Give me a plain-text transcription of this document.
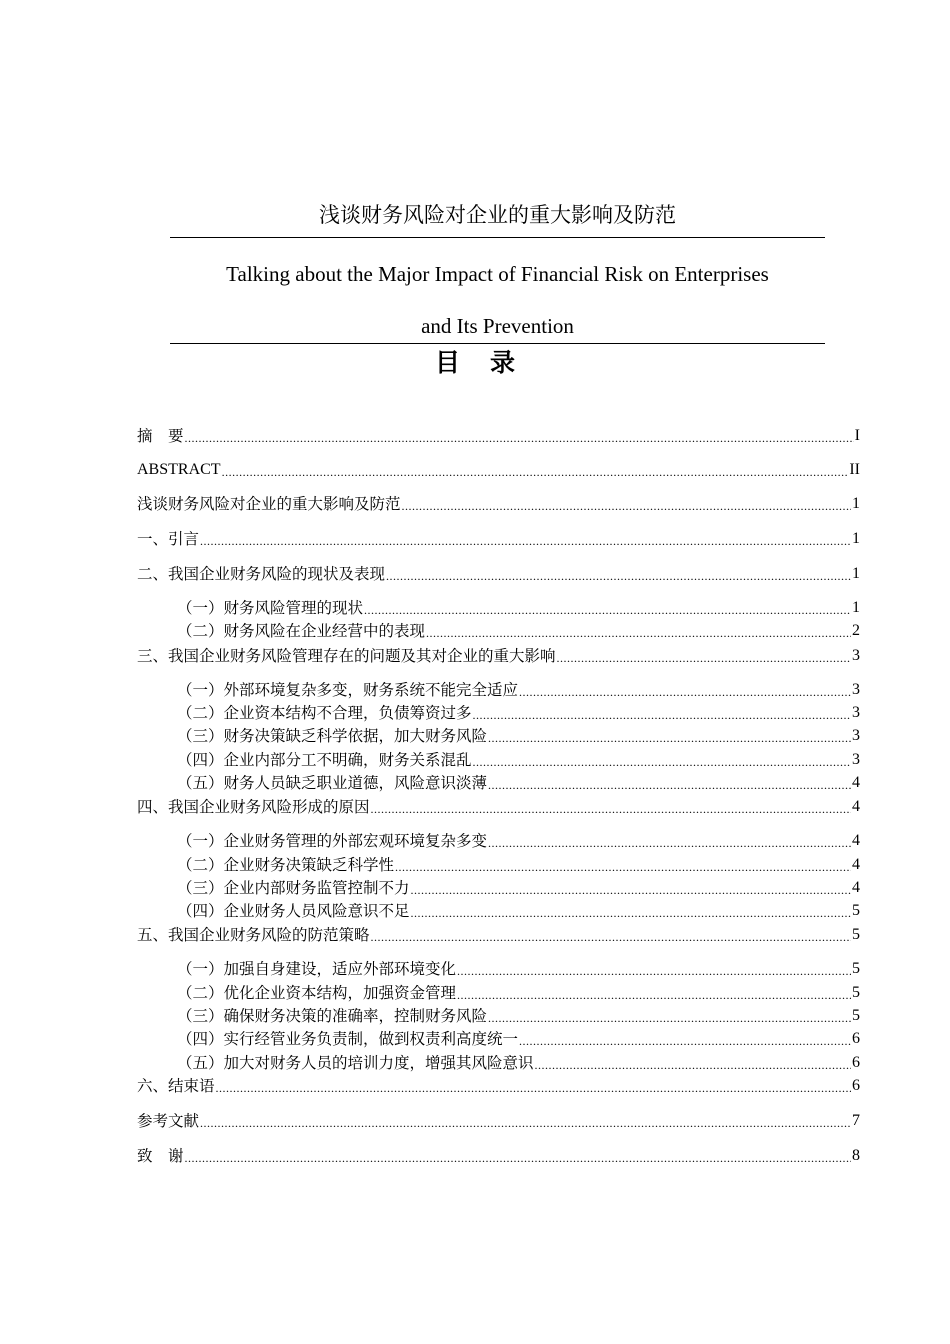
浅谈财务风险对企业的重大影响及防范
Talking about the Major Impact of Financial Risk on Enterprises
and Its Prevention
目录
摘　要 .....	I
ABSTRACT .....	II
浅谈财务风险对企业的重大影响及防范 .....	1
一、引言 .....	1
二、我国企业财务风险的现状及表现 .....	1
（一）财务风险管理的现状 .....	1
（二）财务风险在企业经营中的表现 .....	2
三、我国企业财务风险管理存在的问题及其对企业的重大影响 .....	3
（一）外部环境复杂多变，财务系统不能完全适应 .....	3
（二）企业资本结构不合理，负债筹资过多 .....	3
（三）财务决策缺乏科学依据，加大财务风险 .....	3
（四）企业内部分工不明确，财务关系混乱 .....	3
（五）财务人员缺乏职业道德，风险意识淡薄 .....	4
四、我国企业财务风险形成的原因 .....	4
（一）企业财务管理的外部宏观环境复杂多变 .....	4
（二）企业财务决策缺乏科学性 .....	4
（三）企业内部财务监管控制不力 .....	4
（四）企业财务人员风险意识不足 .....	5
五、我国企业财务风险的防范策略 .....	5
（一）加强自身建设，适应外部环境变化 .....	5
（二）优化企业资本结构，加强资金管理 .....	5
（三）确保财务决策的准确率，控制财务风险 .....	5
（四）实行经管业务负责制，做到权责利高度统一 .....	6
（五）加大对财务人员的培训力度，增强其风险意识 .....	6
六、结束语 .....	6
参考文献 .....	7
致　谢 .....	8
